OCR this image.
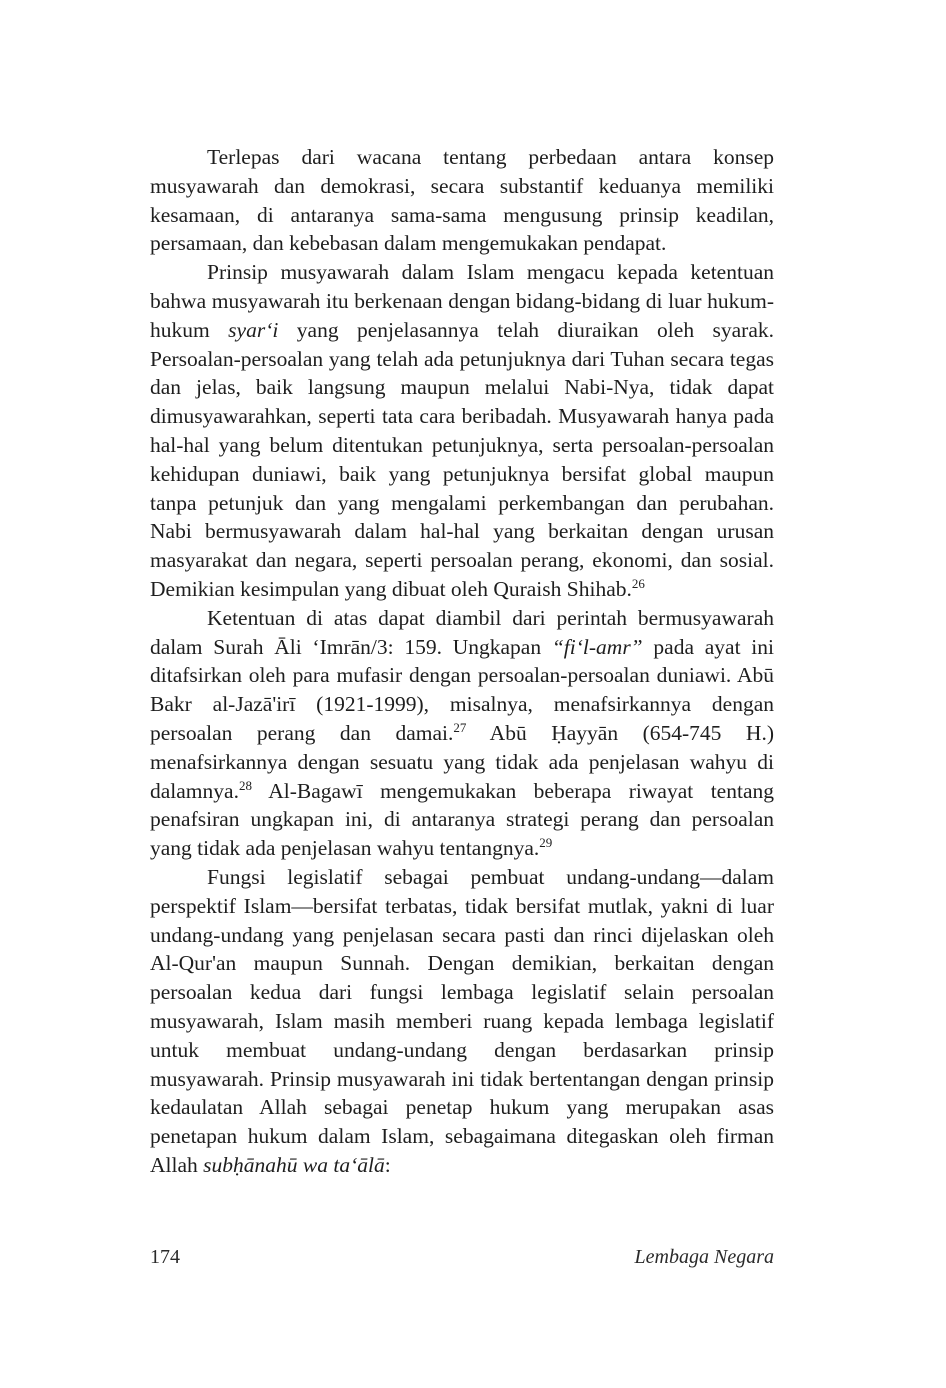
Terlepas dari wacana tentang perbedaan antara konsep musyawarah dan demokrasi, secara substantif keduanya memiliki kesamaan, di antaranya sama-sama mengusung prinsip keadilan, persamaan, dan kebebasan dalam mengemukakan pendapat.

Prinsip musyawarah dalam Islam mengacu kepada ketentuan bahwa musyawarah itu berkenaan dengan bidang-bidang di luar hukum-hukum syar‘i yang penjelasannya telah diuraikan oleh syarak. Persoalan-persoalan yang telah ada petunjuknya dari Tuhan secara tegas dan jelas, baik langsung maupun melalui Nabi-Nya, tidak dapat dimusyawarahkan, seperti tata cara beribadah. Musyawarah hanya pada hal-hal yang belum ditentukan petunjuknya, serta persoalan-persoalan kehidupan duniawi, baik yang petunjuknya bersifat global maupun tanpa petunjuk dan yang mengalami perkembangan dan perubahan. Nabi bermusyawarah dalam hal-hal yang berkaitan dengan urusan masyarakat dan negara, seperti persoalan perang, ekonomi, dan sosial. Demikian kesimpulan yang dibuat oleh Quraish Shihab.$^{26}$

Ketentuan di atas dapat diambil dari perintah bermusyawarah dalam Surah Āli ‘Imrān/3: 159. Ungkapan “fi‘l-amr” pada ayat ini ditafsirkan oleh para mufasir dengan persoalan-persoalan duniawi. Abū Bakr al-Jazā'irī (1921-1999), misalnya, menafsirkannya dengan persoalan perang dan damai.$^{27}$ Abū Ḥayyān (654-745 H.) menafsirkannya dengan sesuatu yang tidak ada penjelasan wahyu di dalamnya.$^{28}$ Al-Bagawī mengemukakan beberapa riwayat tentang penafsiran ungkapan ini, di antaranya strategi perang dan persoalan yang tidak ada penjelasan wahyu tentangnya.$^{29}$

Fungsi legislatif sebagai pembuat undang-undang—dalam perspektif Islam—bersifat terbatas, tidak bersifat mutlak, yakni di luar undang-undang yang penjelasan secara pasti dan rinci dijelaskan oleh Al-Qur'an maupun Sunnah. Dengan demikian, berkaitan dengan persoalan kedua dari fungsi lembaga legislatif selain persoalan musyawarah, Islam masih memberi ruang kepada lembaga legislatif untuk membuat undang-undang dengan berdasarkan prinsip musyawarah. Prinsip musyawarah ini tidak bertentangan dengan prinsip kedaulatan Allah sebagai penetap hukum yang merupakan asas penetapan hukum dalam Islam, sebagaimana ditegaskan oleh firman Allah subḥānahū wa ta‘ālā:

174	Lembaga Negara
